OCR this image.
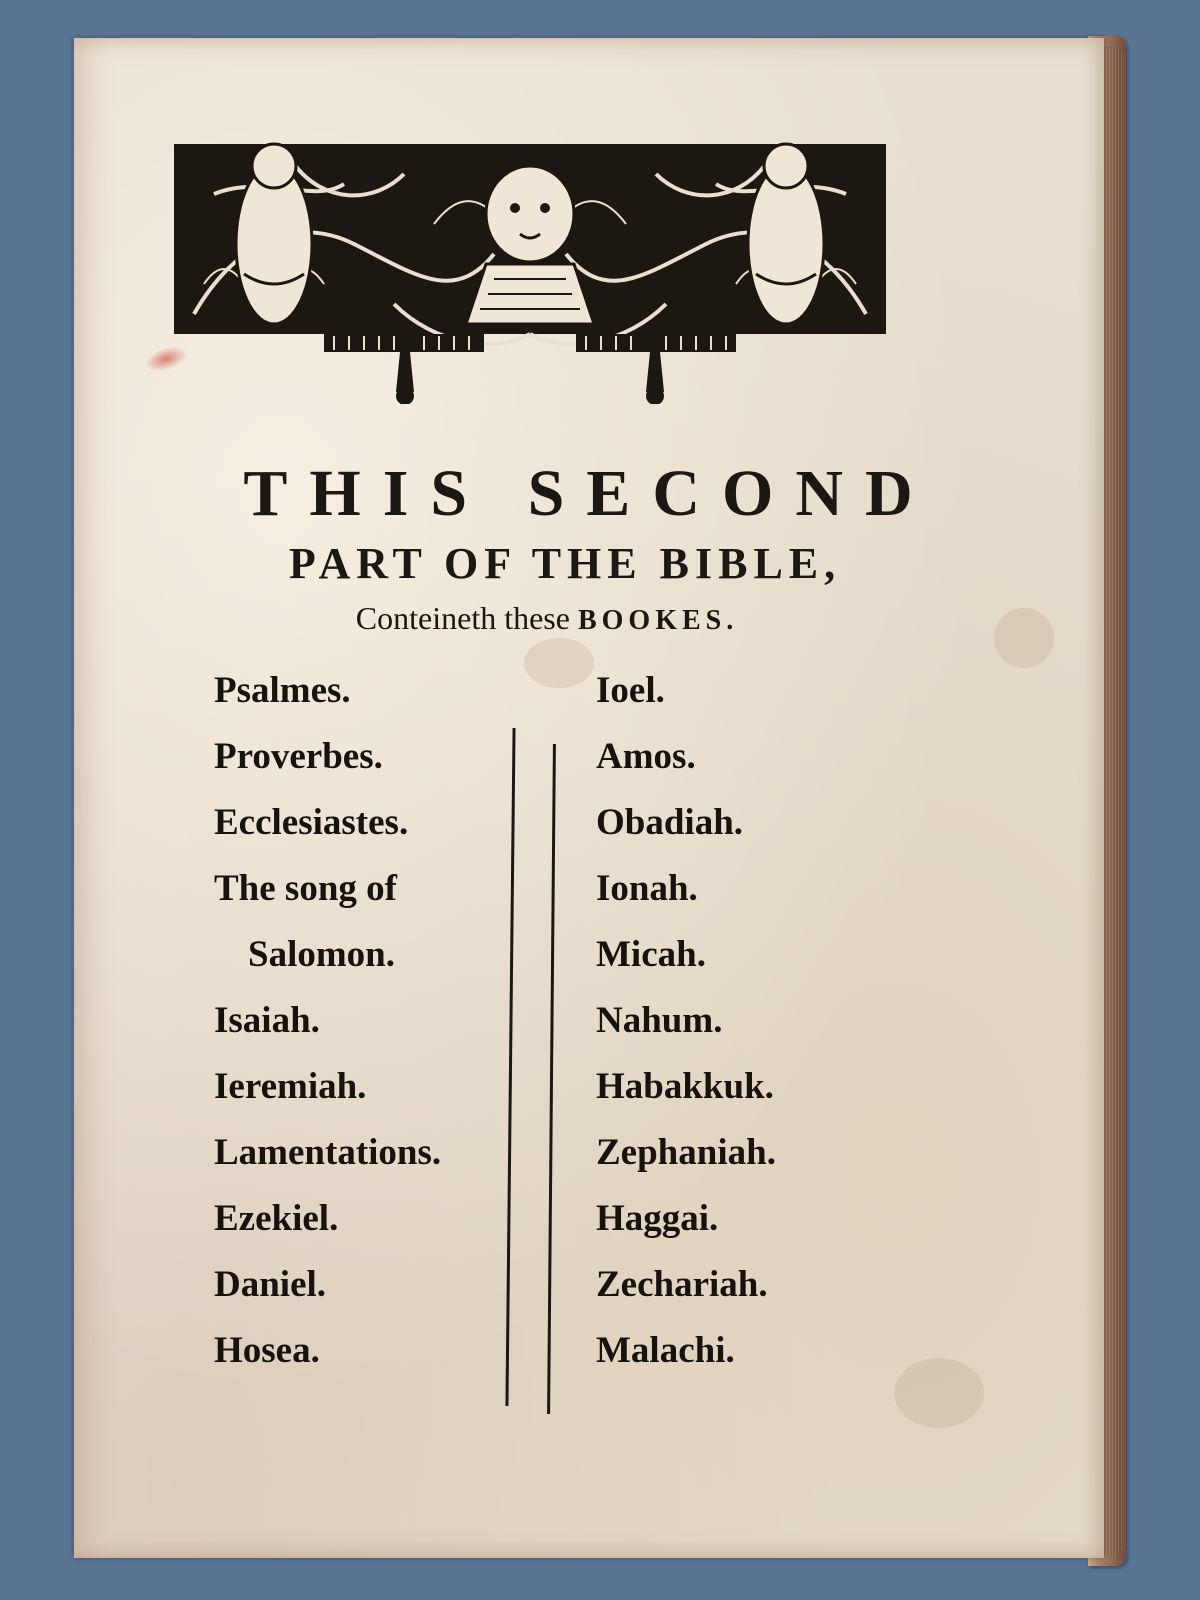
THIS SECOND
PART OF THE BIBLE,
Conteineth these BOOKES.
Psalmes.
Proverbes.
Ecclesiastes.
The song of
Salomon.
Isaiah.
Ieremiah.
Lamentations.
Ezekiel.
Daniel.
Hosea.
Ioel.
Amos.
Obadiah.
Ionah.
Micah.
Nahum.
Habakkuk.
Zephaniah.
Haggai.
Zechariah.
Malachi.
